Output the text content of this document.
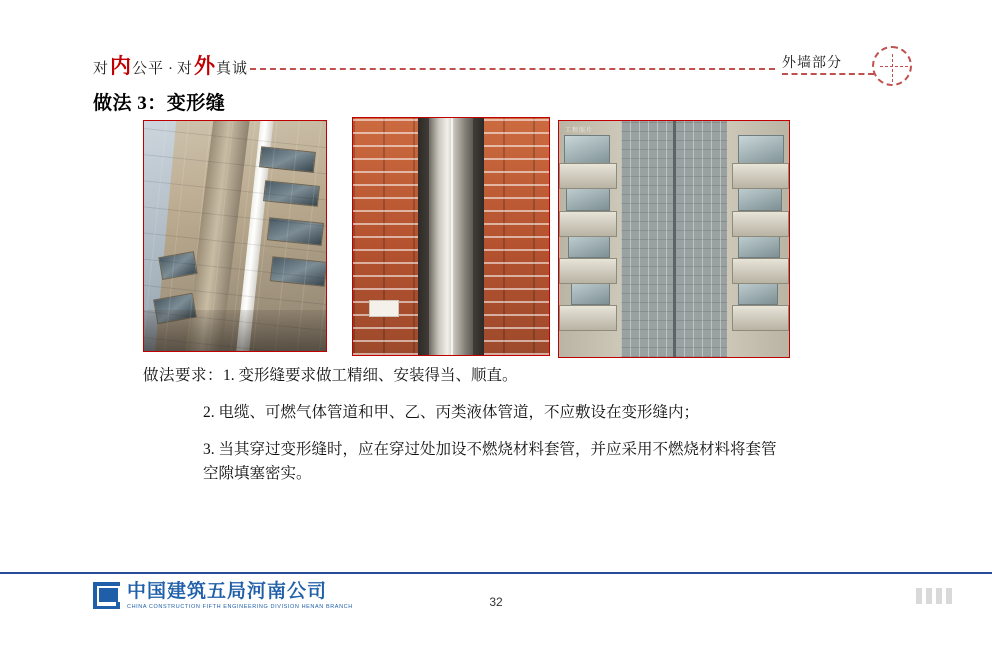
对 内 公平 · 对 外 真诚	外墙部分
做法 3：变形缝
工程照片
做法要求：1. 变形缝要求做工精细、安装得当、顺直。
2. 电缆、可燃气体管道和甲、乙、丙类液体管道，不应敷设在变形缝内；
3. 当其穿过变形缝时，应在穿过处加设不燃烧材料套管，并应采用不燃烧材料将套管
空隙填塞密实。
中国建筑五局河南公司
CHINA CONSTRUCTION FIFTH ENGINEERING DIVISION HENAN BRANCH	32
